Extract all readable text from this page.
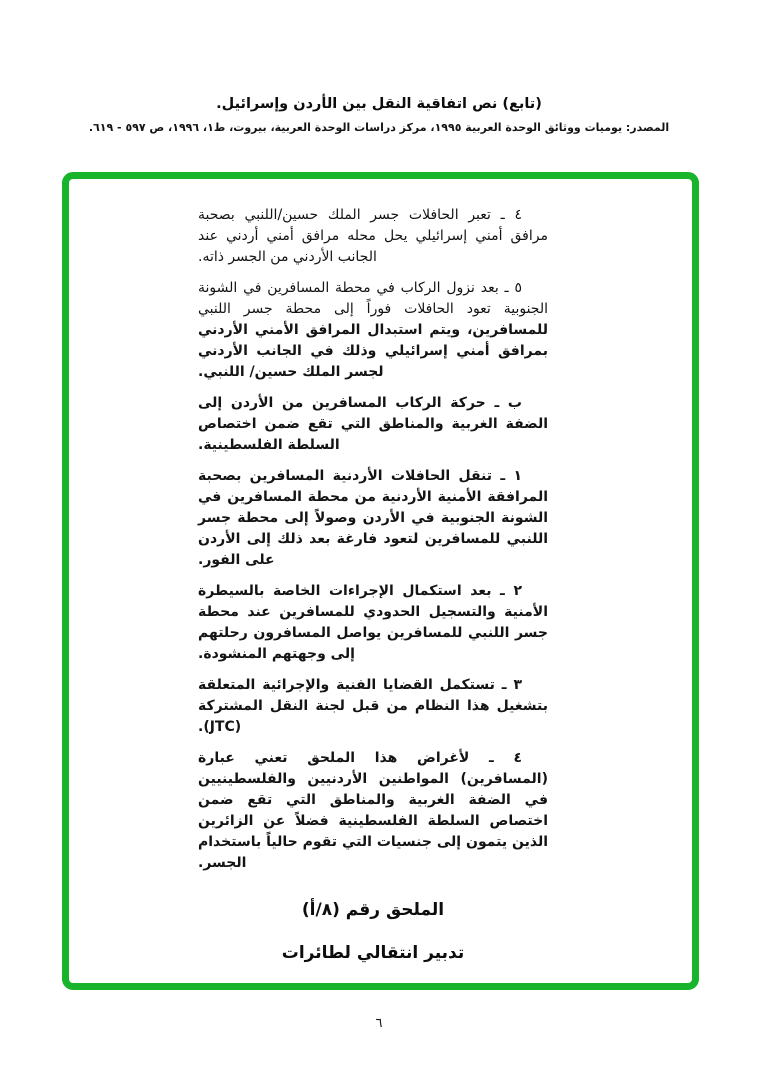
(تابع) نص اتفاقية النقل بين الأردن وإسرائيل.
المصدر: يوميات ووثائق الوحدة العربية ١٩٩٥، مركز دراسات الوحدة العربية، بيروت، ط١، ١٩٩٦، ص ٥٩٧ - ٦١٩.

٤ ـ تعبر الحافلات جسر الملك حسين/اللنبي بصحبة مرافق أمني إسرائيلي يحل محله مرافق أمني أردني عند الجانب الأردني من الجسر ذاته.

٥ ـ بعد نزول الركاب في محطة المسافرين في الشونة الجنوبية تعود الحافلات فوراً إلى محطة جسر اللنبي للمسافرين، ويتم استبدال المرافق الأمني الأردني بمرافق أمني إسرائيلي وذلك في الجانب الأردني لجسر الملك حسين/ اللنبي.

ب ـ حركة الركاب المسافرين من الأردن إلى الضفة الغربية والمناطق التي تقع ضمن اختصاص السلطة الفلسطينية.

١ ـ تنقل الحافلات الأردنية المسافرين بصحبة المرافقة الأمنية الأردنية من محطة المسافرين في الشونة الجنوبية في الأردن وصولاً إلى محطة جسر اللنبي للمسافرين لتعود فارغة بعد ذلك إلى الأردن على الفور.

٢ ـ بعد استكمال الإجراءات الخاصة بالسيطرة الأمنية والتسجيل الحدودي للمسافرين عند محطة جسر اللنبي للمسافرين يواصل المسافرون رحلتهم إلى وجهتهم المنشودة.

٣ ـ تستكمل القضايا الفنية والإجرائية المتعلقة بتشغيل هذا النظام من قبل لجنة النقل المشتركة (JTC).

٤ ـ لأغراض هذا الملحق تعني عبارة (المسافرين) المواطنين الأردنيين والفلسطينيين في الضفة الغربية والمناطق التي تقع ضمن اختصاص السلطة الفلسطينية فضلاً عن الزائرين الذين يتمون إلى جنسيات التي تقوم حالياً باستخدام الجسر.

الملحق رقم (٨/أ)
تدبير انتقالي لطائرات
٦
